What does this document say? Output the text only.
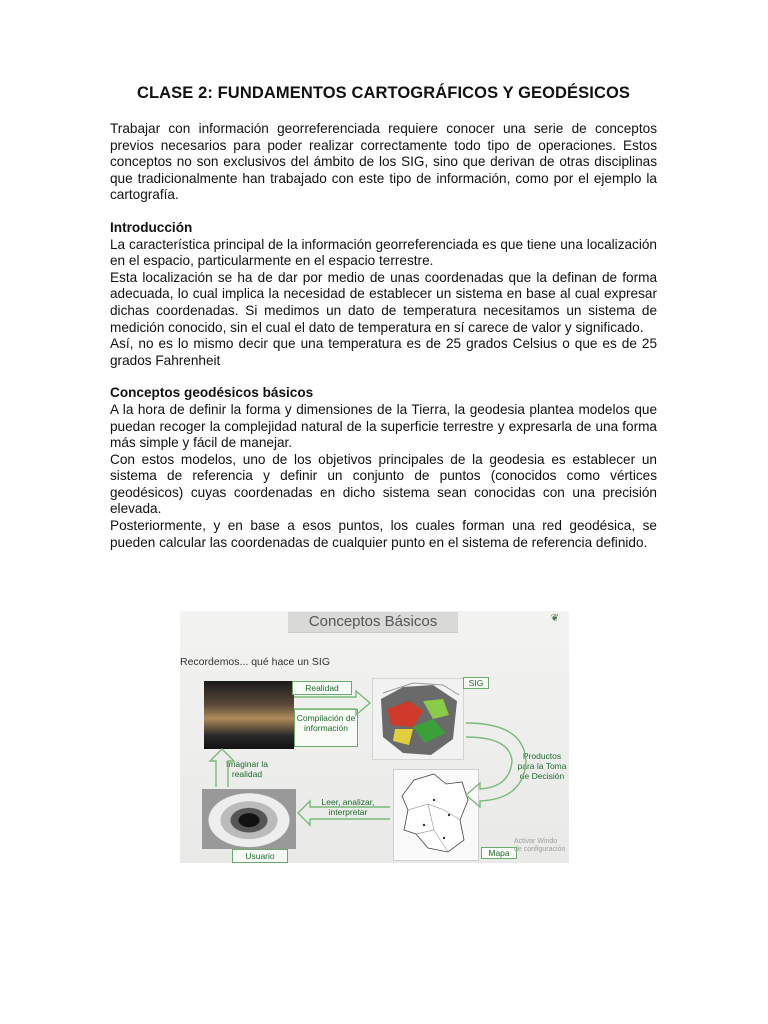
CLASE 2: FUNDAMENTOS CARTOGRÁFICOS Y GEODÉSICOS

Trabajar con información georreferenciada requiere conocer una serie de conceptos previos necesarios para poder realizar correctamente todo tipo de operaciones. Estos conceptos no son exclusivos del ámbito de los SIG, sino que derivan de otras disciplinas que tradicionalmente han trabajado con este tipo de información, como por el ejemplo la cartografía.

Introducción

La característica principal de la información georreferenciada es que tiene una localización en el espacio, particularmente en el espacio terrestre.

Esta localización se ha de dar por medio de unas coordenadas que la definan de forma adecuada, lo cual implica la necesidad de establecer un sistema en base al cual expresar dichas coordenadas. Si medimos un dato de temperatura necesitamos un sistema de medición conocido, sin el cual el dato de temperatura en sí carece de valor y significado.

Así, no es lo mismo decir que una temperatura es de 25 grados Celsius o que es de 25 grados Fahrenheit

Conceptos geodésicos básicos

A la hora de definir la forma y dimensiones de la Tierra, la geodesia plantea modelos que puedan recoger la complejidad natural de la superficie terrestre y expresarla de una forma más simple y fácil de manejar.

Con estos modelos, uno de los objetivos principales de la geodesia es establecer un sistema de referencia y definir un conjunto de puntos (conocidos como vértices geodésicos) cuyas coordenadas en dicho sistema sean conocidas con una precisión elevada.

Posteriormente, y en base a esos puntos, los cuales forman una red geodésica, se pueden calcular las coordenadas de cualquier punto en el sistema de referencia definido.

Conceptos Básicos	❦
Recordemos... qué hace un SIG
SIG
Mapa
Realidad
Compilación de información
Productos para la Toma de Decisión
Imaginar la realidad
Leer, analizar, interpretar
Usuario
Activar Windo
de configuración
